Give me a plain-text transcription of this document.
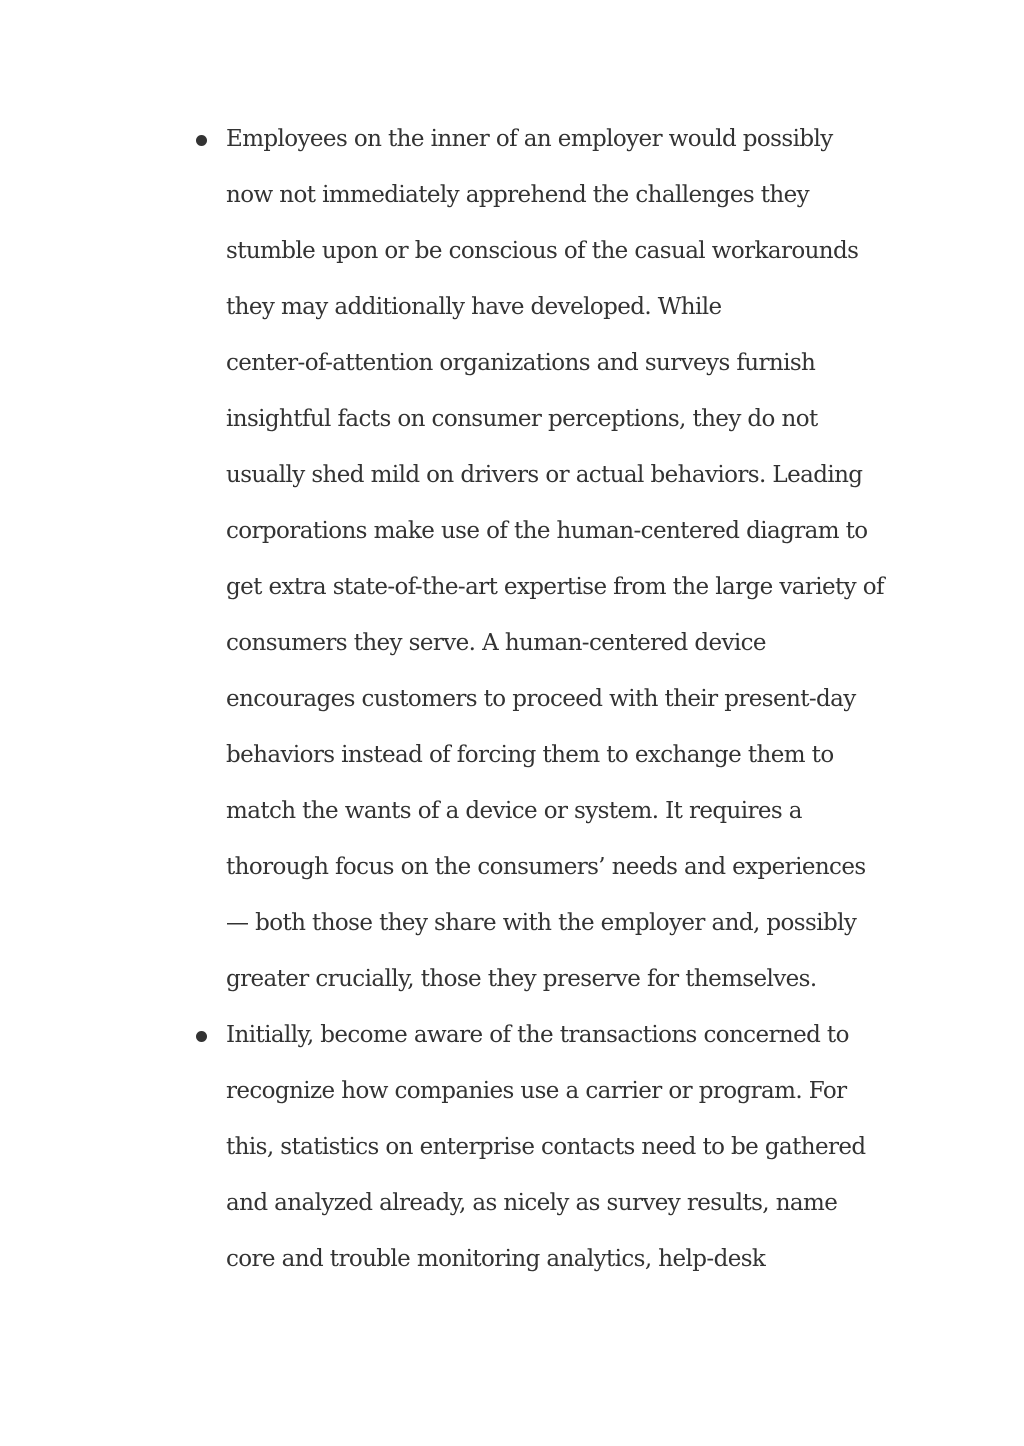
Employees on the inner of an employer would possibly
now not immediately apprehend the challenges they
stumble upon or be conscious of the casual workarounds
they may additionally have developed. While
center-of-attention organizations and surveys furnish
insightful facts on consumer perceptions, they do not
usually shed mild on drivers or actual behaviors. Leading
corporations make use of the human-centered diagram to
get extra state-of-the-art expertise from the large variety of
consumers they serve. A human-centered device
encourages customers to proceed with their present-day
behaviors instead of forcing them to exchange them to
match the wants of a device or system. It requires a
thorough focus on the consumers’ needs and experiences
— both those they share with the employer and, possibly
greater crucially, those they preserve for themselves.
Initially, become aware of the transactions concerned to
recognize how companies use a carrier or program. For
this, statistics on enterprise contacts need to be gathered
and analyzed already, as nicely as survey results, name
core and trouble monitoring analytics, help-desk
